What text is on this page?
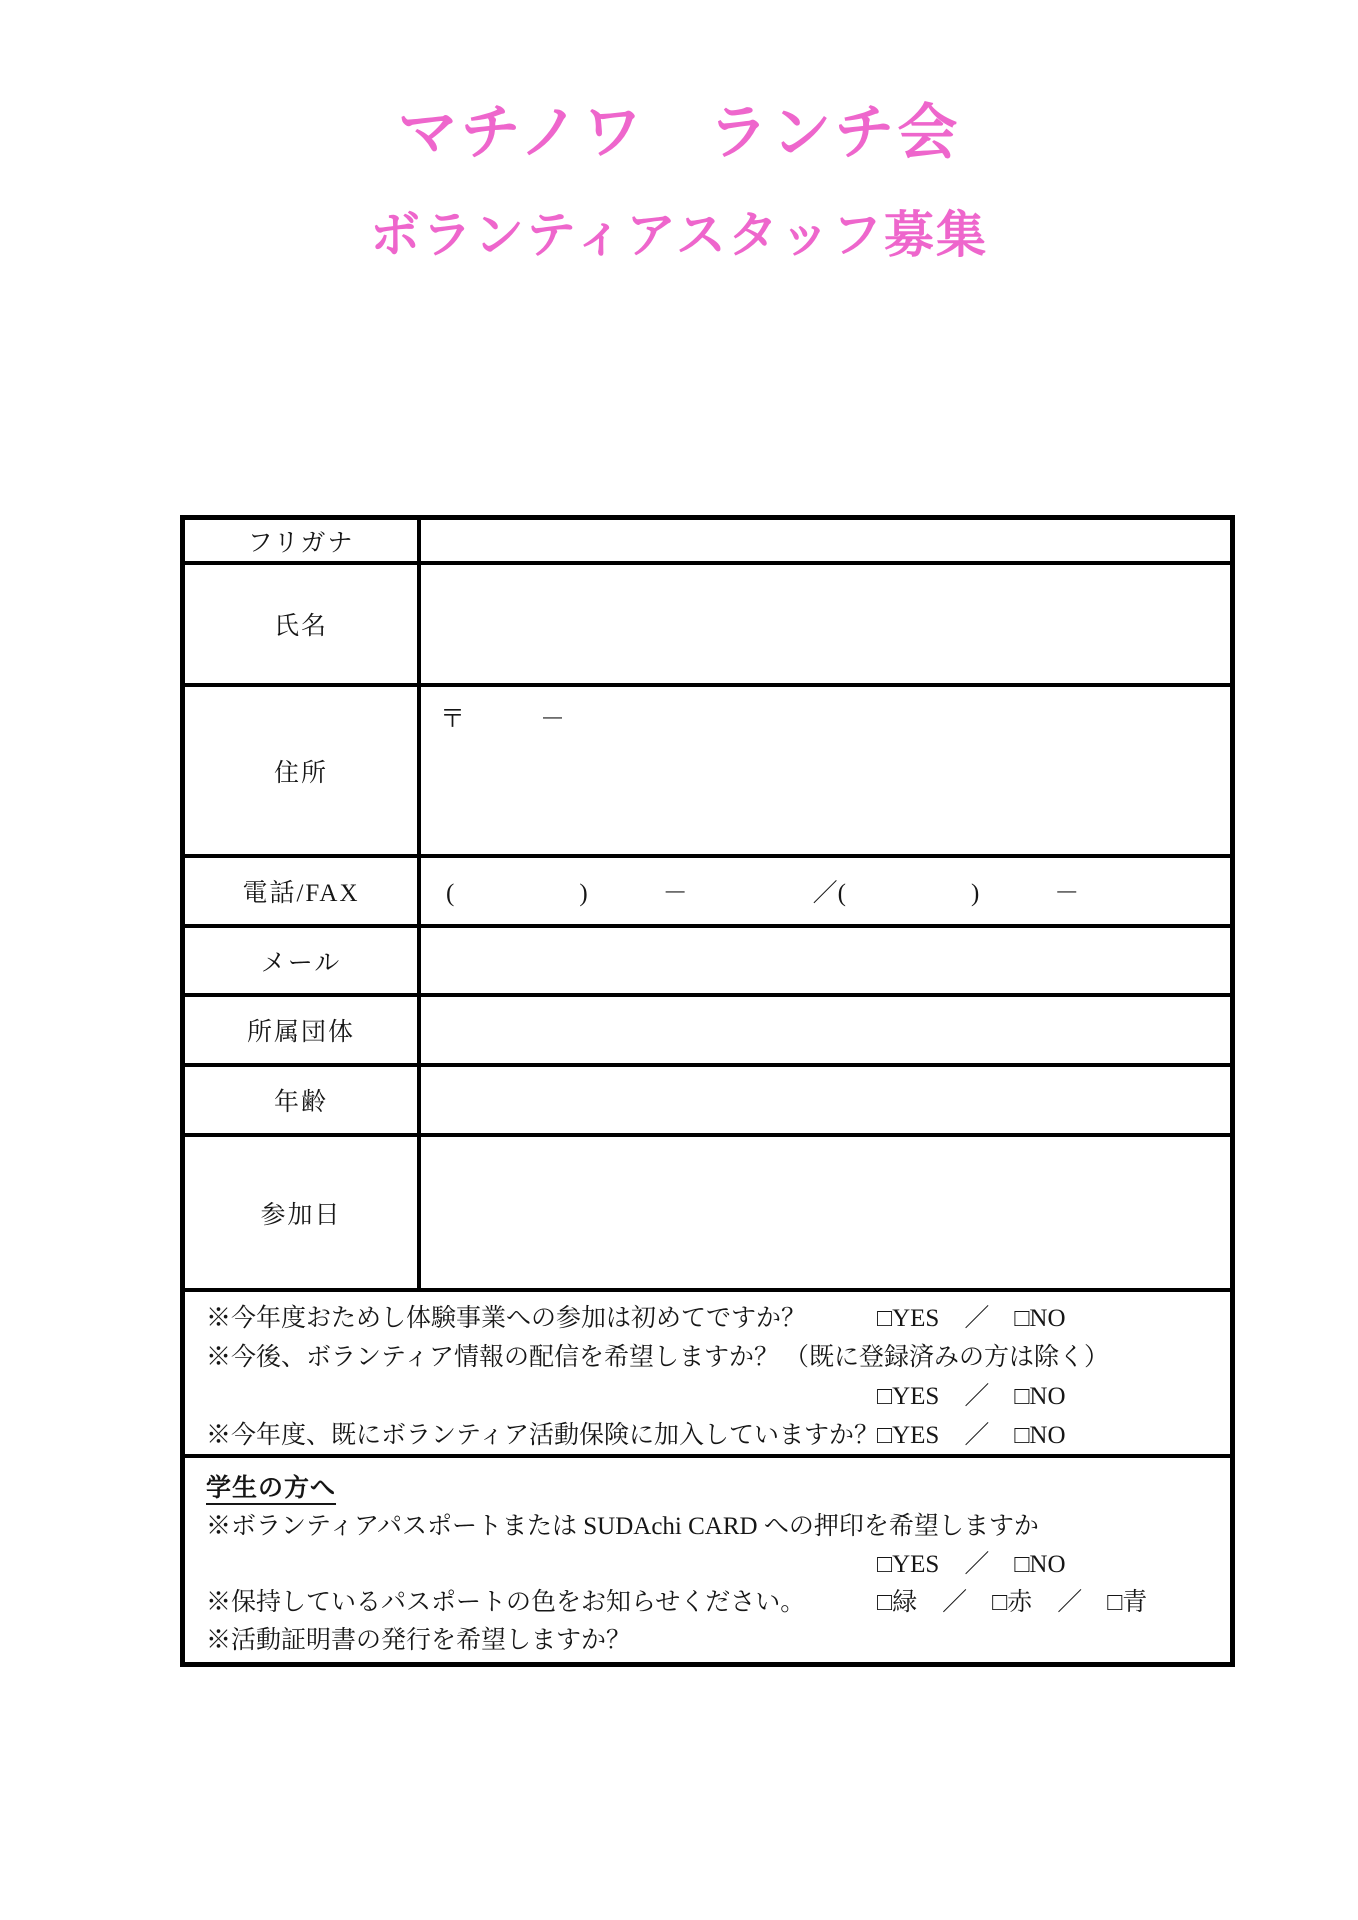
マチノワ　ランチ会
ボランティアスタッフ募集
フリガナ
氏名
住所
〒　　　－
電話/FAX	(　　　　　)　　　－　　　　　／(　　　　　)　　　－
メール
所属団体
年齢
参加日
※今年度おためし体験事業への参加は初めてですか？	□YES　／　□NO
※今後、ボランティア情報の配信を希望しますか？ （既に登録済みの方は除く）
□YES　／　□NO
※今年度、既にボランティア活動保険に加入していますか？
□YES　／　□NO
学生の方へ
※ボランティアパスポートまたは SUDAchi CARD への押印を希望しますか
□YES　／　□NO
※保持しているパスポートの色をお知らせください。	□緑　／　□赤　／　□青
※活動証明書の発行を希望しますか？
